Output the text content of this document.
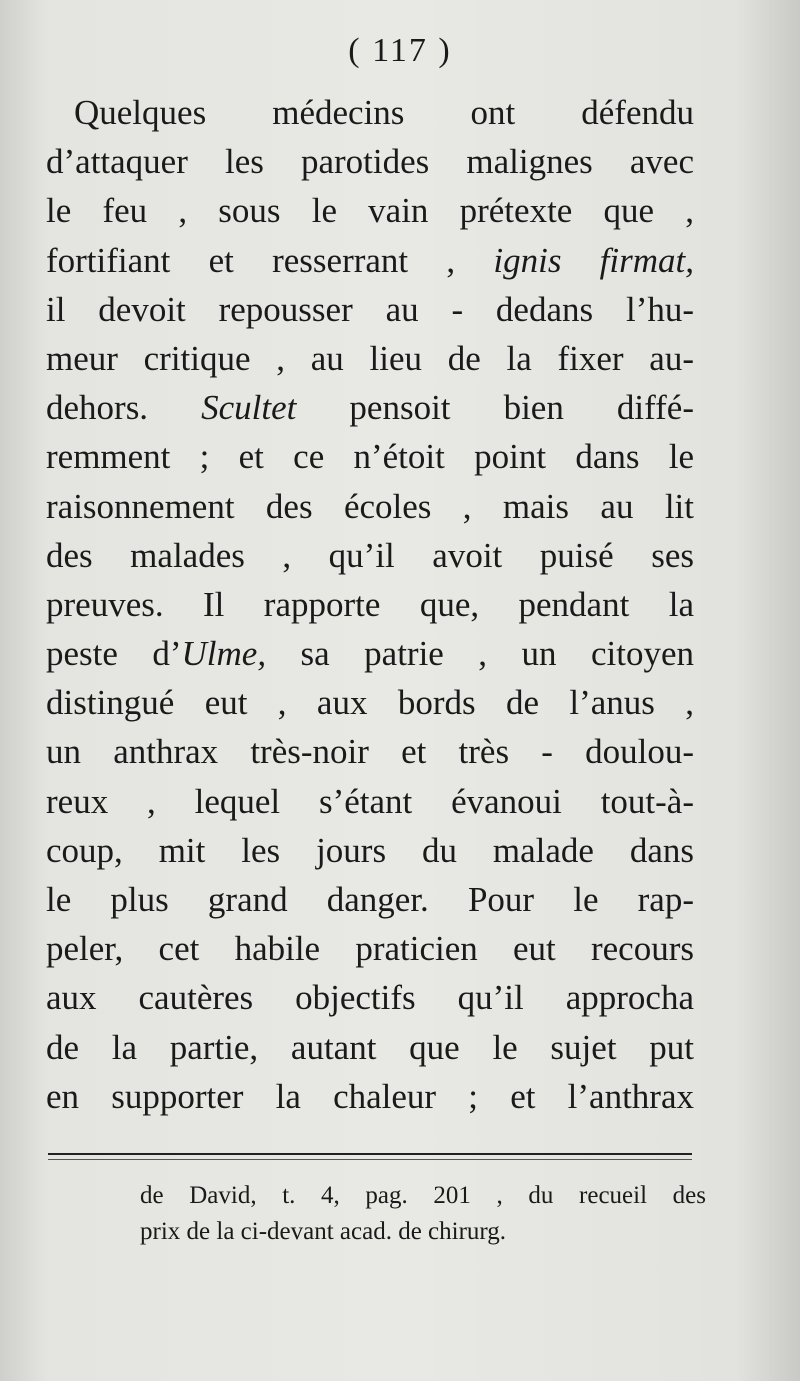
( 117 )
Quelques médecins ont défendu
d’attaquer les parotides malignes avec
le feu , sous le vain prétexte que ,
fortifiant et resserrant , ignis firmat,
il devoit repousser au - dedans l’hu-
meur critique , au lieu de la fixer au-
dehors. Scultet pensoit bien diffé-
remment ; et ce n’étoit point dans le
raisonnement des écoles , mais au lit
des malades , qu’il avoit puisé ses
preuves. Il rapporte que, pendant la
peste d’Ulme, sa patrie , un citoyen
distingué eut , aux bords de l’anus ,
un anthrax très-noir et très - doulou-
reux , lequel s’étant évanoui tout-à-
coup, mit les jours du malade dans
le plus grand danger. Pour le rap-
peler, cet habile praticien eut recours
aux cautères objectifs qu’il approcha
de la partie, autant que le sujet put
en supporter la chaleur ; et l’anthrax
de David, t. 4, pag. 201 , du recueil des
prix de la ci-devant acad. de chirurg.
